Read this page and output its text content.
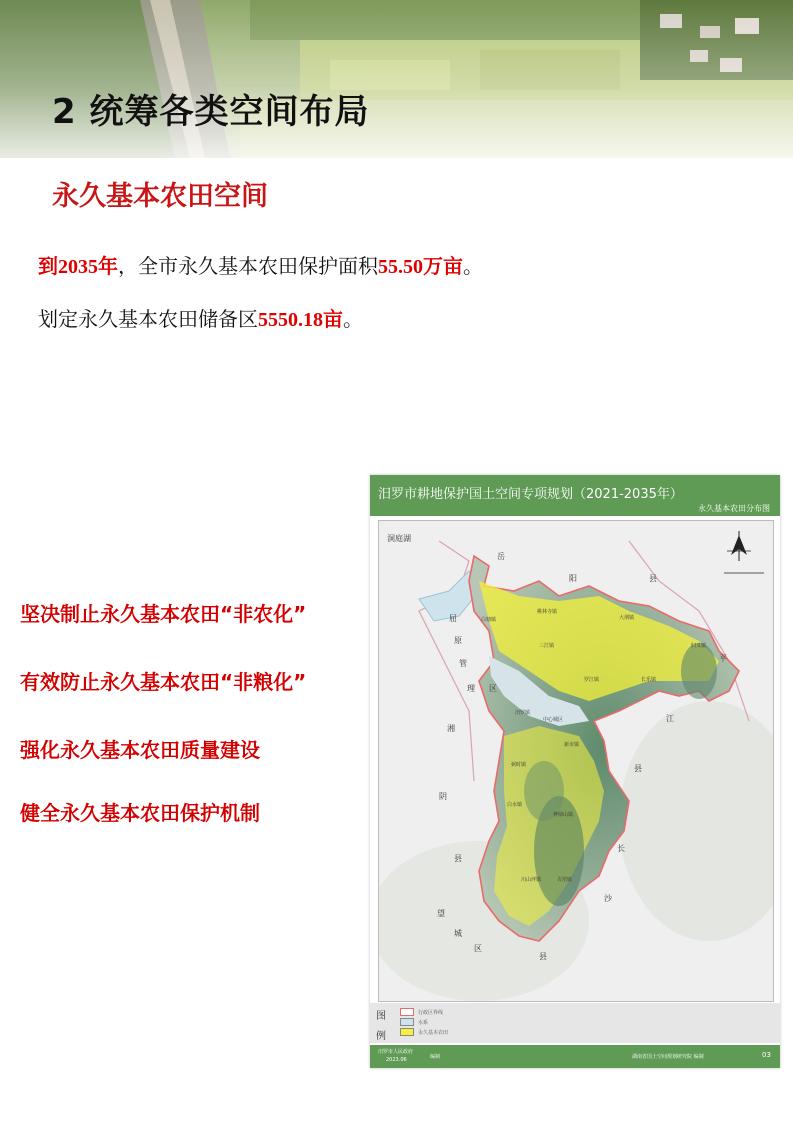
2 统筹各类空间布局
永久基本农田空间
到2035年，全市永久基本农田保护面积55.50万亩。
划定永久基本农田储备区5550.18亩。
坚决制止永久基本农田“非农化”
有效防止永久基本农田“非粮化”
强化永久基本农田质量建设
健全永久基本农田保护机制
汨罗市耕地保护国土空间专项规划（2021-2035年）
永久基本农田分布图
洞庭湖
岳
阳	县
屈
原
管
理 区
湘
阴
县
望
城
区
平
江
县
长
沙
县
白塘镇
桃林寺镇
大荆镇
归义镇
三江镇
罗江镇	长乐镇
汨罗镇
中心城区
新市镇
弼时镇
白水镇
神鼎山镇
川山坪镇	古培镇
图例
行政区界线
水系
永久基本农田
汨罗市人民政府
2023.06	编制	湖南省国土空间规划研究院 编制	03
